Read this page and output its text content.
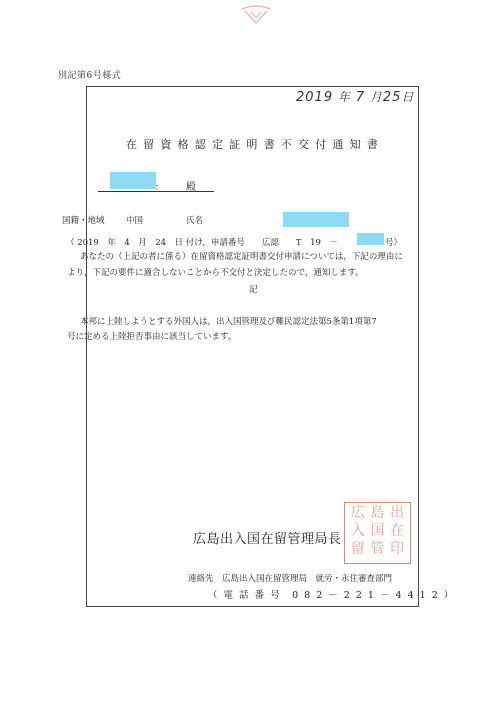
別記第6号様式
2019 年 7 月25日
在留資格認定証明書不交付通知書
： 殿
国籍・地域	中国	氏名
（ 2019　年　4　月　24　日 付け，申請番号　　広認　　T　19　－	号）
あなたの（上記の者に係る）在留資格認定証明書交付申請については，下記の理由に
より，下記の要件に適合しないことから不交付と決定したので，通知します。
記
本邦に上陸しようとする外国人は，出入国管理及び難民認定法第5条第1項第7
号に定める上陸拒否事由に該当しています。
広島出入国在留管理局長
広 島 出
入 国 在
留 管 印
連絡先　広島出入国在留管理局　就労・永住審査部門
（ 電 話 番 号　0 8 2 － 2 2 1 － 4 4 1 2 ）
